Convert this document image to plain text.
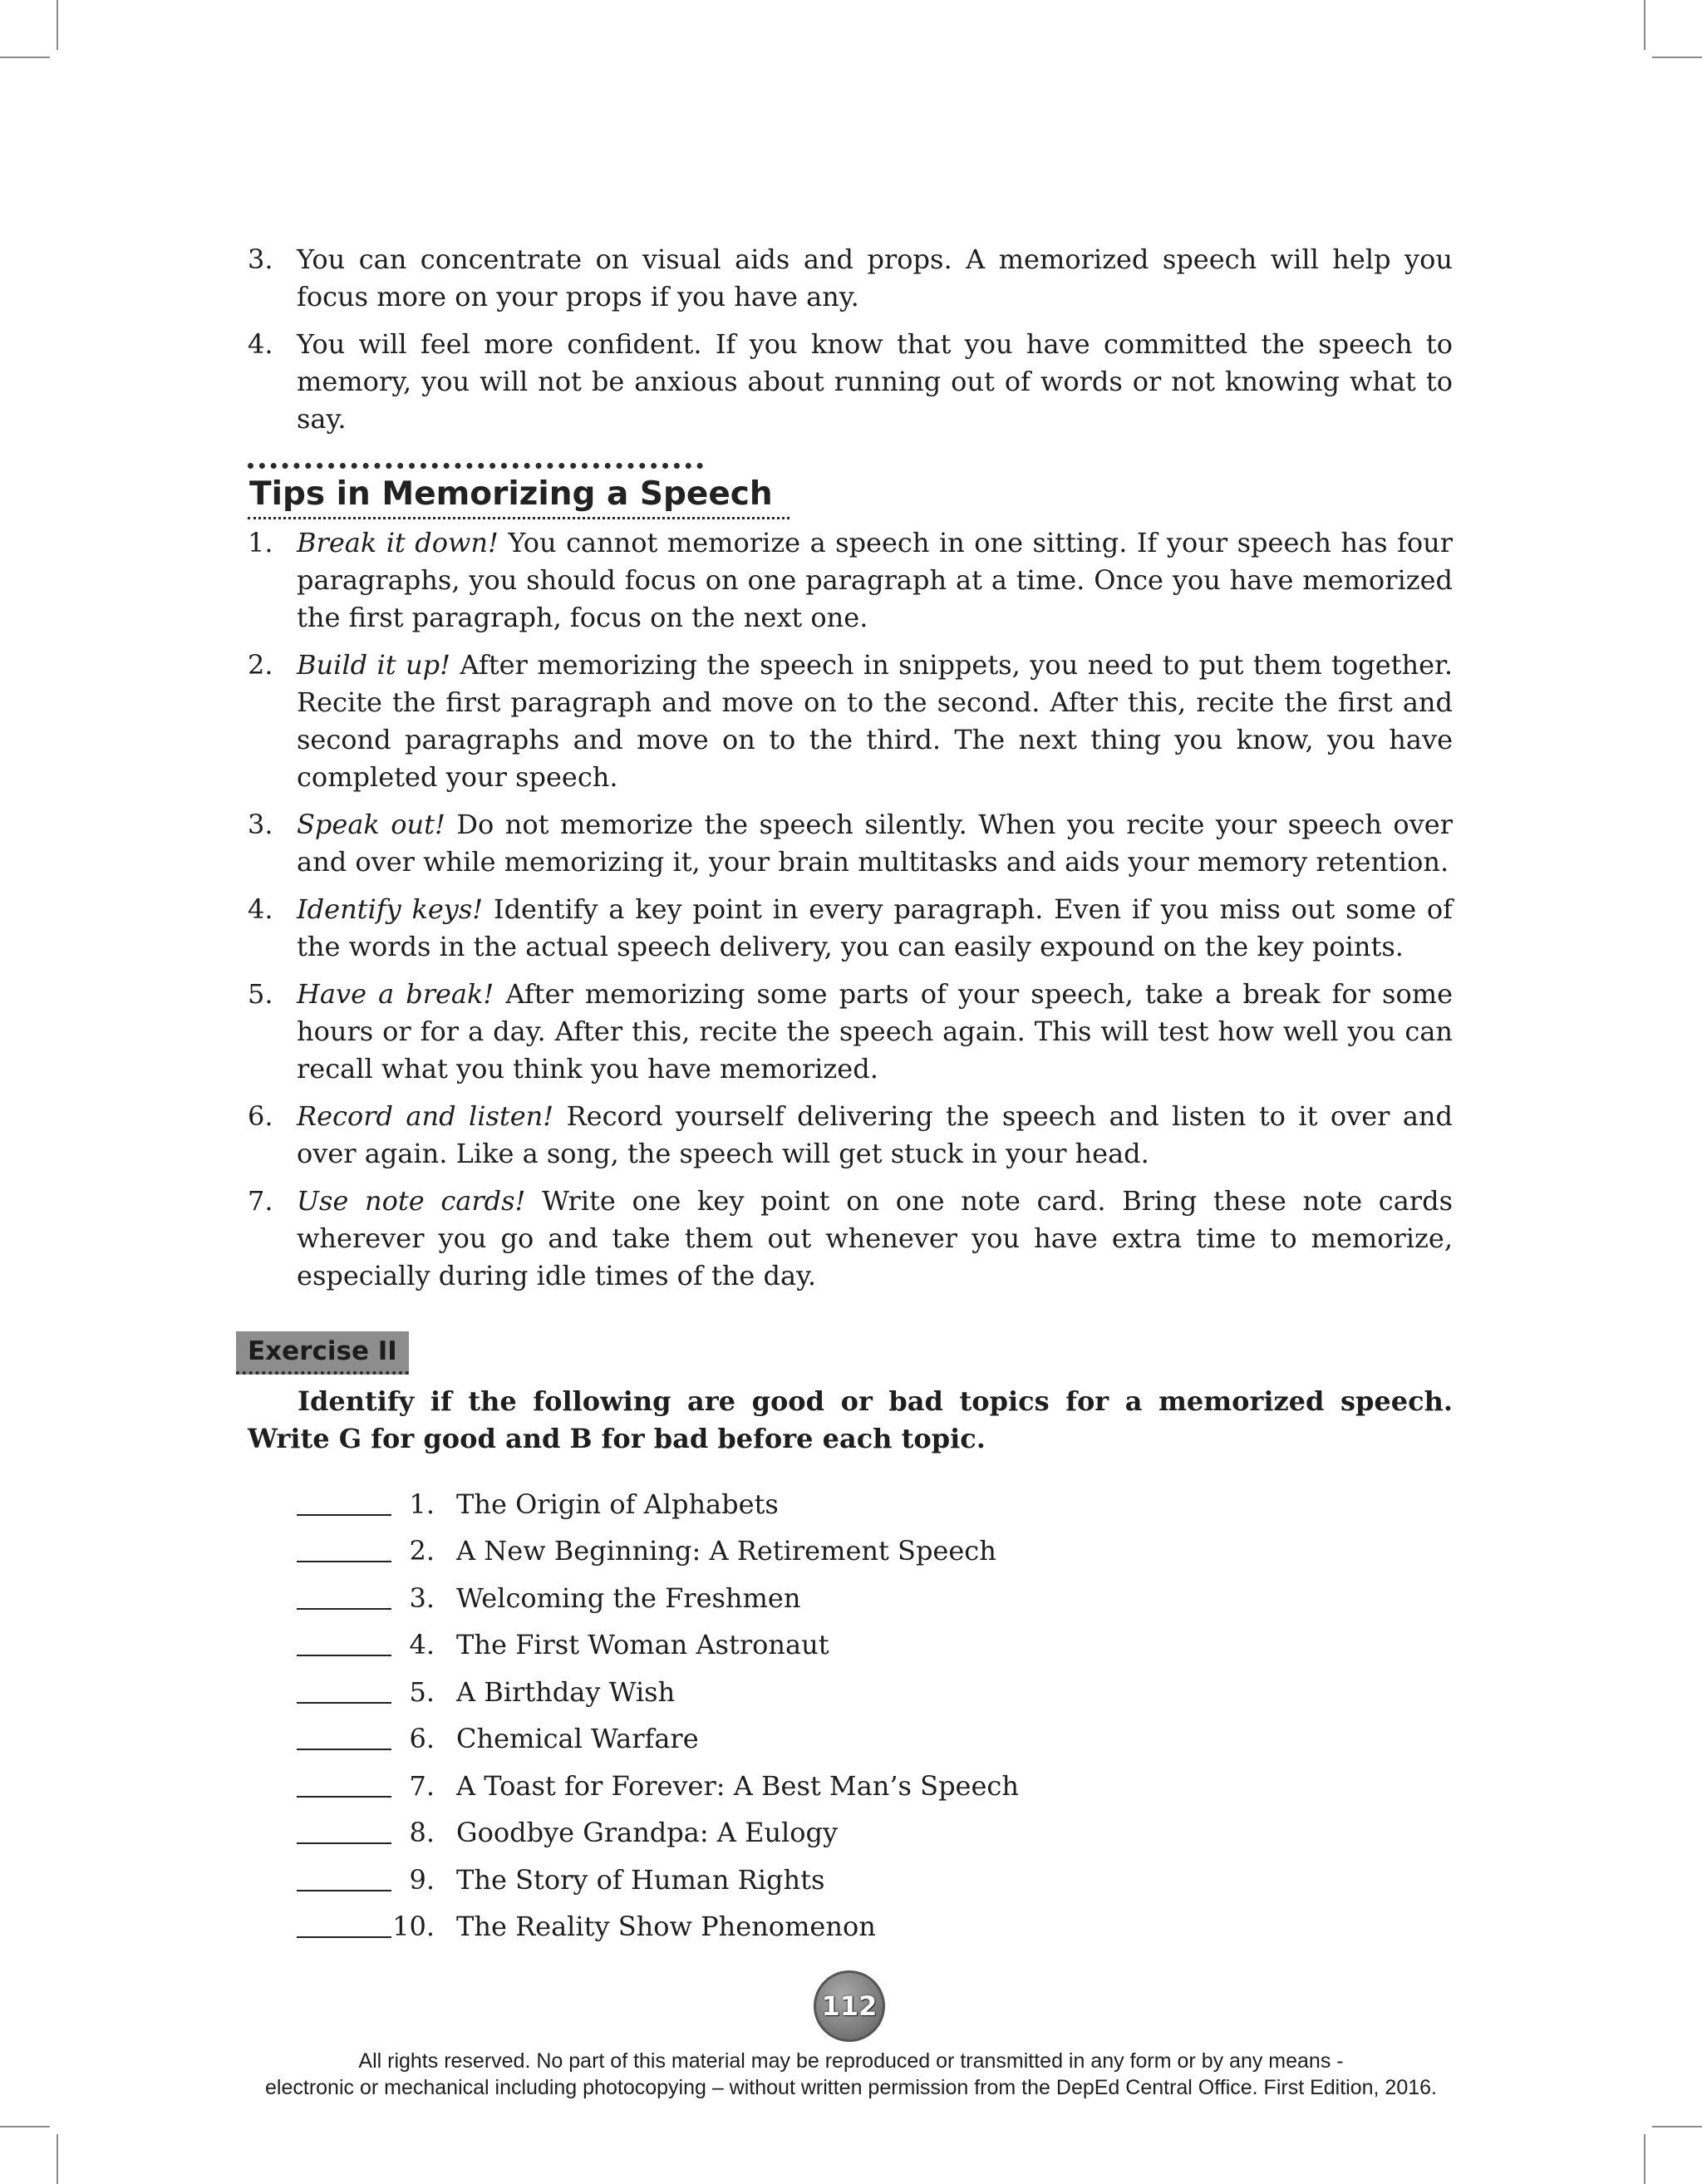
3. You can concentrate on visual aids and props. A memorized speech will help you focus more on your props if you have any.
4. You will feel more confident. If you know that you have committed the speech to memory, you will not be anxious about running out of words or not knowing what to say.
Tips in Memorizing a Speech
1. Break it down! You cannot memorize a speech in one sitting. If your speech has four paragraphs, you should focus on one paragraph at a time. Once you have memorized the first paragraph, focus on the next one.
2. Build it up! After memorizing the speech in snippets, you need to put them together. Recite the first paragraph and move on to the second. After this, recite the first and second paragraphs and move on to the third. The next thing you know, you have completed your speech.
3. Speak out! Do not memorize the speech silently. When you recite your speech over and over while memorizing it, your brain multitasks and aids your memory retention.
4. Identify keys! Identify a key point in every paragraph. Even if you miss out some of the words in the actual speech delivery, you can easily expound on the key points.
5. Have a break! After memorizing some parts of your speech, take a break for some hours or for a day. After this, recite the speech again. This will test how well you can recall what you think you have memorized.
6. Record and listen! Record yourself delivering the speech and listen to it over and over again. Like a song, the speech will get stuck in your head.
7. Use note cards! Write one key point on one note card. Bring these note cards wherever you go and take them out whenever you have extra time to memorize, especially during idle times of the day.
Exercise II
Identify if the following are good or bad topics for a memorized speech. Write G for good and B for bad before each topic.
1. The Origin of Alphabets
2. A New Beginning: A Retirement Speech
3. Welcoming the Freshmen
4. The First Woman Astronaut
5. A Birthday Wish
6. Chemical Warfare
7. A Toast for Forever: A Best Man’s Speech
8. Goodbye Grandpa: A Eulogy
9. The Story of Human Rights
10. The Reality Show Phenomenon
112
All rights reserved. No part of this material may be reproduced or transmitted in any form or by any means -
electronic or mechanical including photocopying – without written permission from the DepEd Central Office. First Edition, 2016.
